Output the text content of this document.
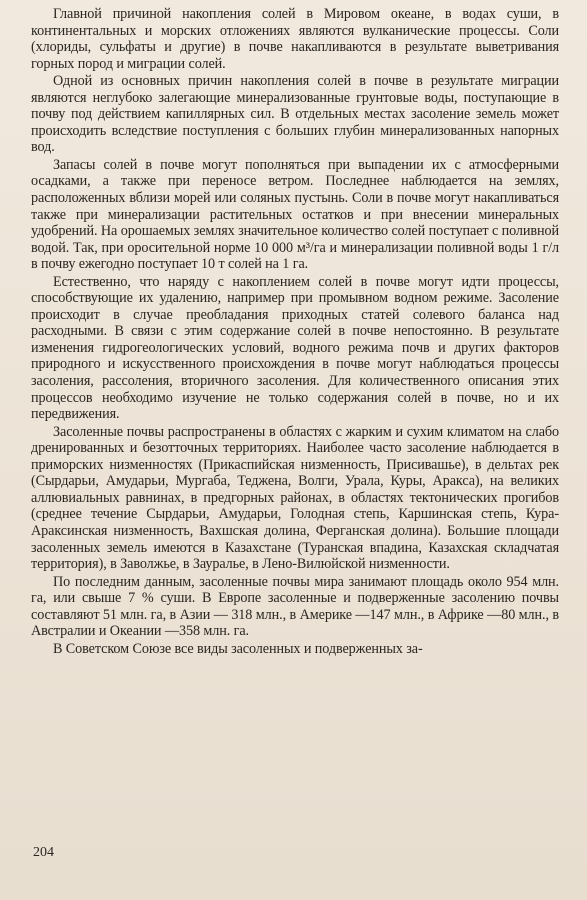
Главной причиной накопления солей в Мировом океане, в водах суши, в континентальных и морских отложениях являются вулканические процессы. Соли (хлориды, сульфаты и другие) в почве накапливаются в результате выветривания горных пород и миграции солей.

Одной из основных причин накопления солей в почве в результате миграции являются неглубоко залегающие минерализованные грунтовые воды, поступающие в почву под действием капиллярных сил. В отдельных местах засоление земель может происходить вследствие поступления с больших глубин минерализованных напорных вод.

Запасы солей в почве могут пополняться при выпадении их с атмосферными осадками, а также при переносе ветром. Последнее наблюдается на землях, расположенных вблизи морей или соляных пустынь. Соли в почве могут накапливаться также при минерализации растительных остатков и при внесении минеральных удобрений. На орошаемых землях значительное количество солей поступает с поливной водой. Так, при оросительной норме 10 000 м³/га и минерализации поливной воды 1 г/л в почву ежегодно поступает 10 т солей на 1 га.

Естественно, что наряду с накоплением солей в почве могут идти процессы, способствующие их удалению, например при промывном водном режиме. Засоление происходит в случае преобладания приходных статей солевого баланса над расходными. В связи с этим содержание солей в почве непостоянно. В результате изменения гидрогеологических условий, водного режима почв и других факторов природного и искусственного происхождения в почве могут наблюдаться процессы засоления, рассоления, вторичного засоления. Для количественного описания этих процессов необходимо изучение не только содержания солей в почве, но и их передвижения.

Засоленные почвы распространены в областях с жарким и сухим климатом на слабо дренированных и безотточных территориях. Наиболее часто засоление наблюдается в приморских низменностях (Прикаспийская низменность, Присивашье), в дельтах рек (Сырдарьи, Амударьи, Мургаба, Теджена, Волги, Урала, Куры, Аракса), на великих аллювиальных равнинах, в предгорных районах, в областях тектонических прогибов (среднее течение Сырдарьи, Амударьи, Голодная степь, Каршинская степь, Кура-Араксинская низменность, Вахшская долина, Ферганская долина). Большие площади засоленных земель имеются в Казахстане (Туранская впадина, Казахская складчатая территория), в Заволжье, в Зауралье, в Лено-Вилюйской низменности.

По последним данным, засоленные почвы мира занимают площадь около 954 млн. га, или свыше 7 % суши. В Европе засоленные и подверженные засолению почвы составляют 51 млн. га, в Азии — 318 млн., в Америке —147 млн., в Африке —80 млн., в Австралии и Океании —358 млн. га.

В Советском Союзе все виды засоленных и подверженных за-

204
